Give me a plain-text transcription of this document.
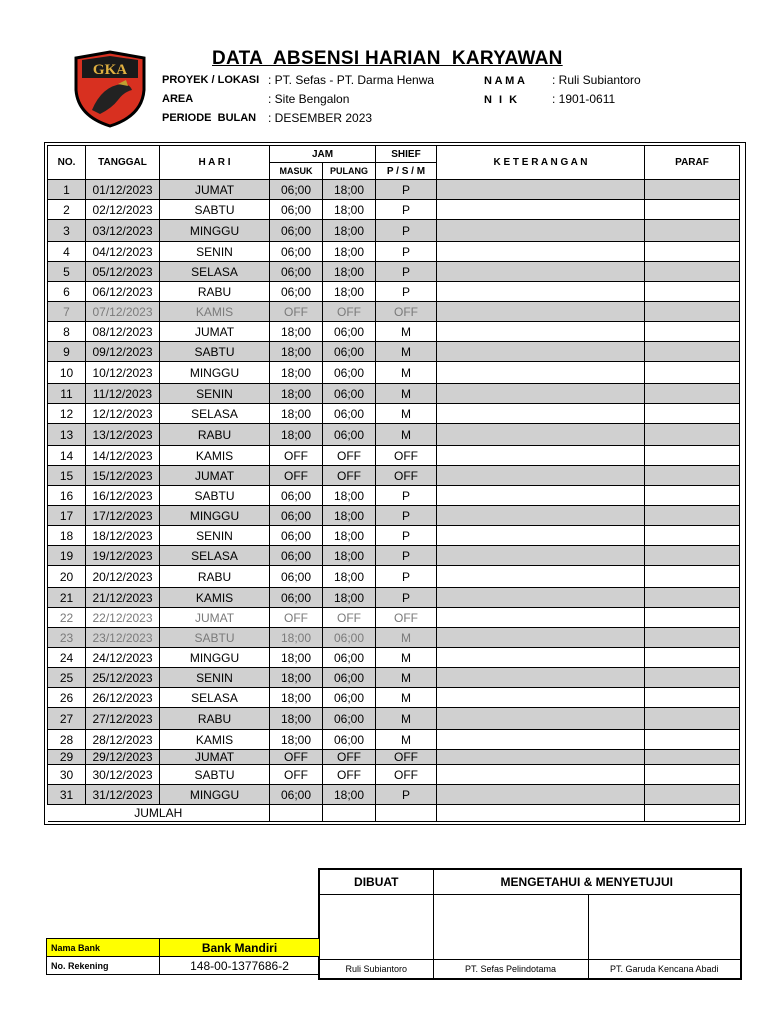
GKA
DATA  ABSENSI HARIAN  KARYAWAN
PROYEK / LOKASI : PT. Sefas - PT. Darma Henwa
AREA	: Site Bengalon
PERIODE  BULAN : DESEMBER 2023
N A M A : Ruli Subiantoro
N I K	: 1901-0611
NO.	TANGGAL	H A R I	JAM		SHIEF	K E T E R A N G A N	PARAF
			MASUK	PULANG	P / S / M		
1	01/12/2023	JUMAT	06;00	18;00	P		
2	02/12/2023	SABTU	06;00	18;00	P		
3	03/12/2023	MINGGU	06;00	18;00	P		
4	04/12/2023	SENIN	06;00	18;00	P		
5	05/12/2023	SELASA	06;00	18;00	P		
6	06/12/2023	RABU	06;00	18;00	P		
7	07/12/2023	KAMIS	OFF	OFF	OFF		
8	08/12/2023	JUMAT	18;00	06;00	M		
9	09/12/2023	SABTU	18;00	06;00	M		
10	10/12/2023	MINGGU	18;00	06;00	M		
11	11/12/2023	SENIN	18;00	06;00	M		
12	12/12/2023	SELASA	18;00	06;00	M		
13	13/12/2023	RABU	18;00	06;00	M		
14	14/12/2023	KAMIS	OFF	OFF	OFF		
15	15/12/2023	JUMAT	OFF	OFF	OFF		
16	16/12/2023	SABTU	06;00	18;00	P		
17	17/12/2023	MINGGU	06;00	18;00	P		
18	18/12/2023	SENIN	06;00	18;00	P		
19	19/12/2023	SELASA	06;00	18;00	P		
20	20/12/2023	RABU	06;00	18;00	P		
21	21/12/2023	KAMIS	06;00	18;00	P		
22	22/12/2023	JUMAT	OFF	OFF	OFF		
23	23/12/2023	SABTU	18;00	06;00	M		
24	24/12/2023	MINGGU	18;00	06;00	M		
25	25/12/2023	SENIN	18;00	06;00	M		
26	26/12/2023	SELASA	18;00	06;00	M		
27	27/12/2023	RABU	18;00	06;00	M		
28	28/12/2023	KAMIS	18;00	06;00	M		
29	29/12/2023	JUMAT	OFF	OFF	OFF		
30	30/12/2023	SABTU	OFF	OFF	OFF		
31	31/12/2023	MINGGU	06;00	18;00	P		
JUMLAH							
DIBUAT	MENGETAHUI & MENYETUJUI	

Ruli Subiantoro	PT. Sefas Pelindotama	PT. Garuda Kencana Abadi
Nama Bank	Bank Mandiri
No. Rekening	148-00-1377686-2
